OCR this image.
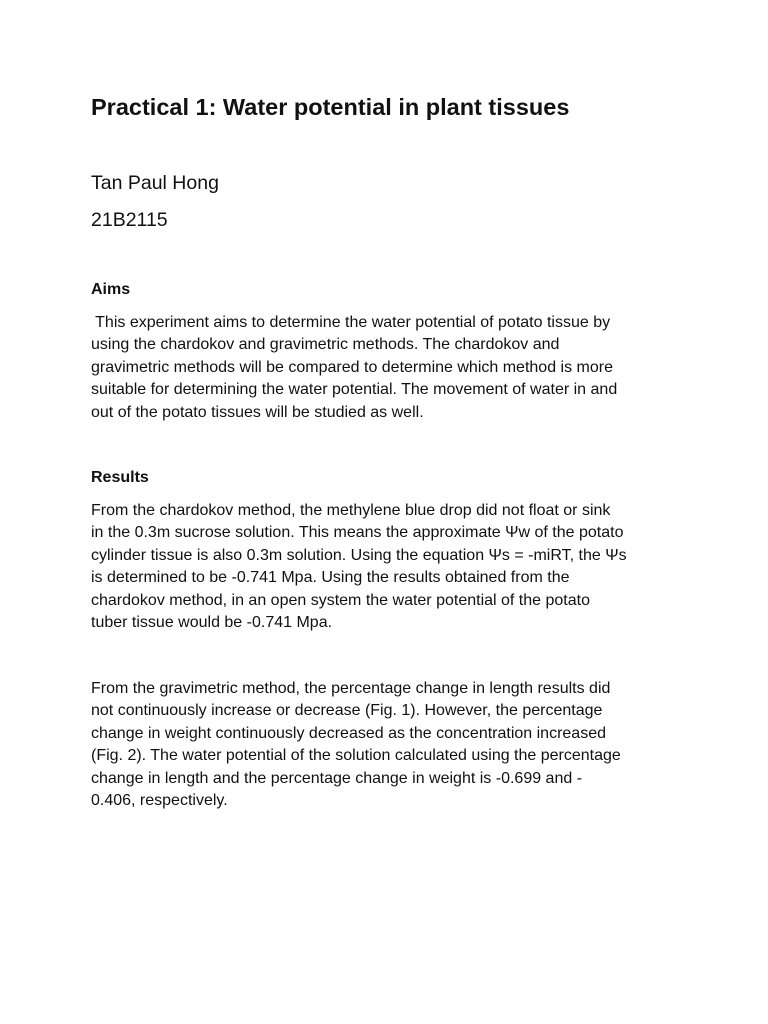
Practical 1: Water potential in plant tissues

Tan Paul Hong

21B2115

Aims
This experiment aims to determine the water potential of potato tissue by
using the chardokov and gravimetric methods. The chardokov and
gravimetric methods will be compared to determine which method is more
suitable for determining the water potential. The movement of water in and
out of the potato tissues will be studied as well.
Results
From the chardokov method, the methylene blue drop did not float or sink
in the 0.3m sucrose solution. This means the approximate Ψw of the potato
cylinder tissue is also 0.3m solution. Using the equation Ψs = -miRT, the Ψs
is determined to be -0.741 Mpa. Using the results obtained from the
chardokov method, in an open system the water potential of the potato
tuber tissue would be -0.741 Mpa.
From the gravimetric method, the percentage change in length results did
not continuously increase or decrease (Fig. 1). However, the percentage
change in weight continuously decreased as the concentration increased
(Fig. 2). The water potential of the solution calculated using the percentage
change in length and the percentage change in weight is -0.699 and -
0.406, respectively.
